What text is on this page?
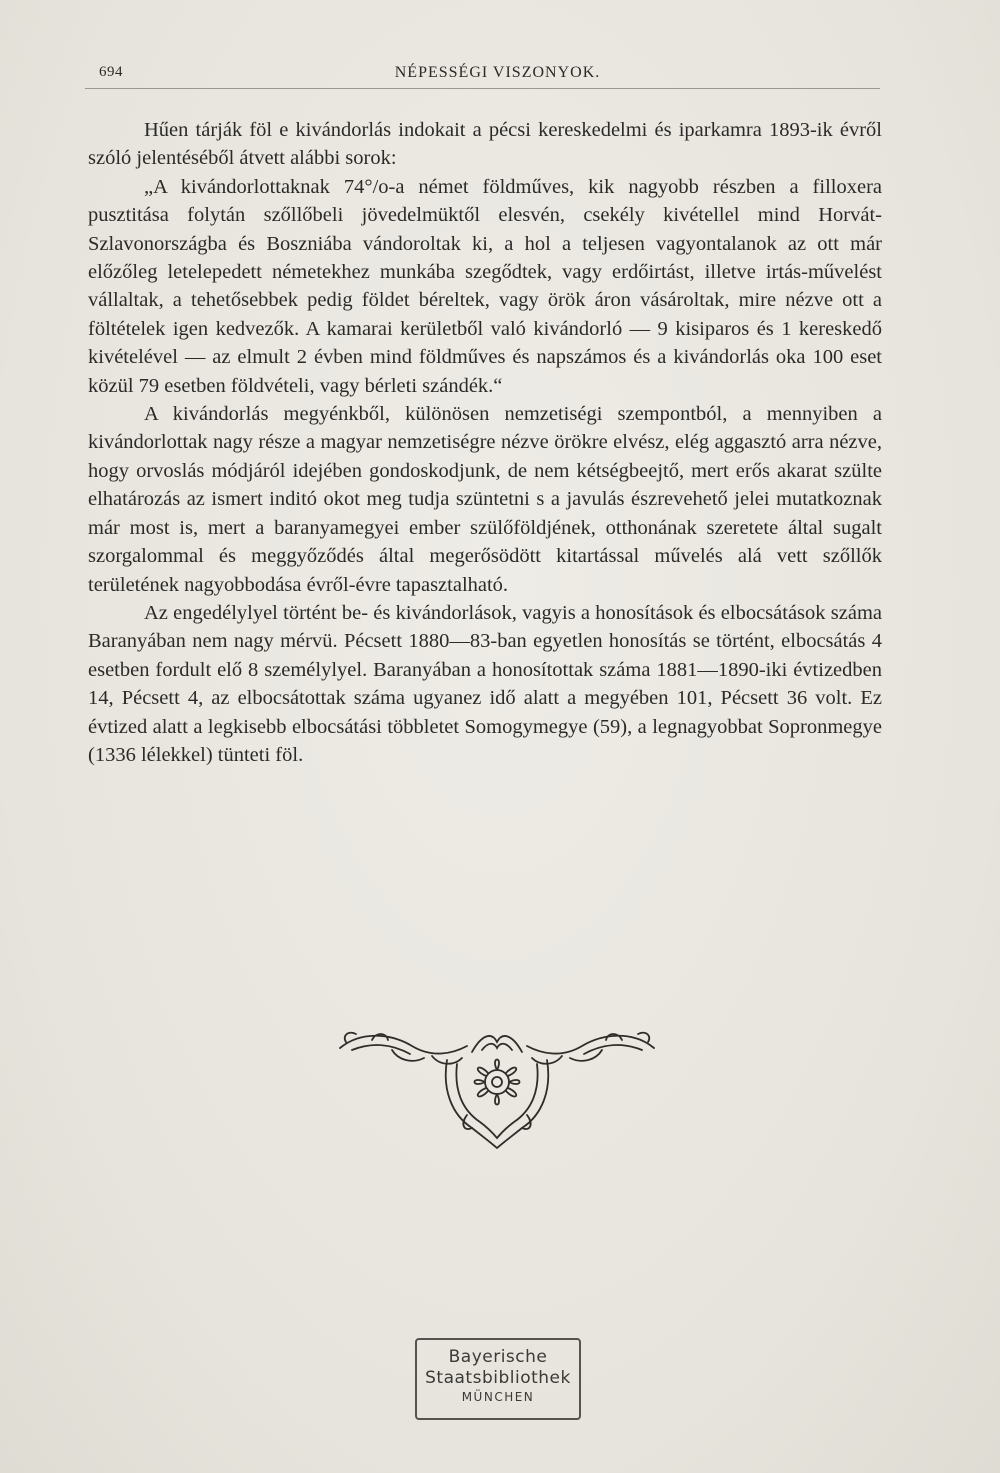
694	NÉPESSÉGI VISZONYOK.

Hűen tárják föl e kivándorlás indokait a pécsi kereskedelmi és iparkamra 1893-ik évről szóló jelentéséből átvett alábbi sorok:

„A kivándorlottaknak 74°/o-a német földműves, kik nagyobb részben a filloxera pusztitása folytán szőllőbeli jövedelmüktől elesvén, csekély kivétellel mind Horvát-Szlavonországba és Boszniába vándoroltak ki, a hol a teljesen vagyontalanok az ott már előzőleg letelepedett németekhez munkába szegődtek, vagy erdőirtást, illetve irtás-művelést vállaltak, a tehetősebbek pedig földet béreltek, vagy örök áron vásároltak, mire nézve ott a föltételek igen kedvezők. A kamarai kerületből való kivándorló — 9 kisiparos és 1 kereskedő kivételével — az elmult 2 évben mind földműves és napszámos és a kivándorlás oka 100 eset közül 79 esetben földvételi, vagy bérleti szándék.“

A kivándorlás megyénkből, különösen nemzetiségi szempontból, a mennyiben a kivándorlottak nagy része a magyar nemzetiségre nézve örökre elvész, elég aggasztó arra nézve, hogy orvoslás módjáról idejében gondoskodjunk, de nem kétségbeejtő, mert erős akarat szülte elhatározás az ismert inditó okot meg tudja szüntetni s a javulás észrevehető jelei mutatkoznak már most is, mert a baranyamegyei ember szülőföldjének, otthonának szeretete által sugalt szorgalommal és meggyőződés által megerősödött kitartással művelés alá vett szőllők területének nagyobbodása évről-évre tapasztalható.

Az engedélylyel történt be- és kivándorlások, vagyis a honosítások és elbocsátások száma Baranyában nem nagy mérvü. Pécsett 1880—83-ban egyetlen honosítás se történt, elbocsátás 4 esetben fordult elő 8 személylyel. Baranyában a honosítottak száma 1881—1890-iki évtizedben 14, Pécsett 4, az elbocsátottak száma ugyanez idő alatt a megyében 101, Pécsett 36 volt. Ez évtized alatt a legkisebb elbocsátási többletet Somogymegye (59), a legnagyobbat Sopronmegye (1336 lélekkel) tünteti föl.

Bayerische
Staatsbibliothek
MÜNCHEN
